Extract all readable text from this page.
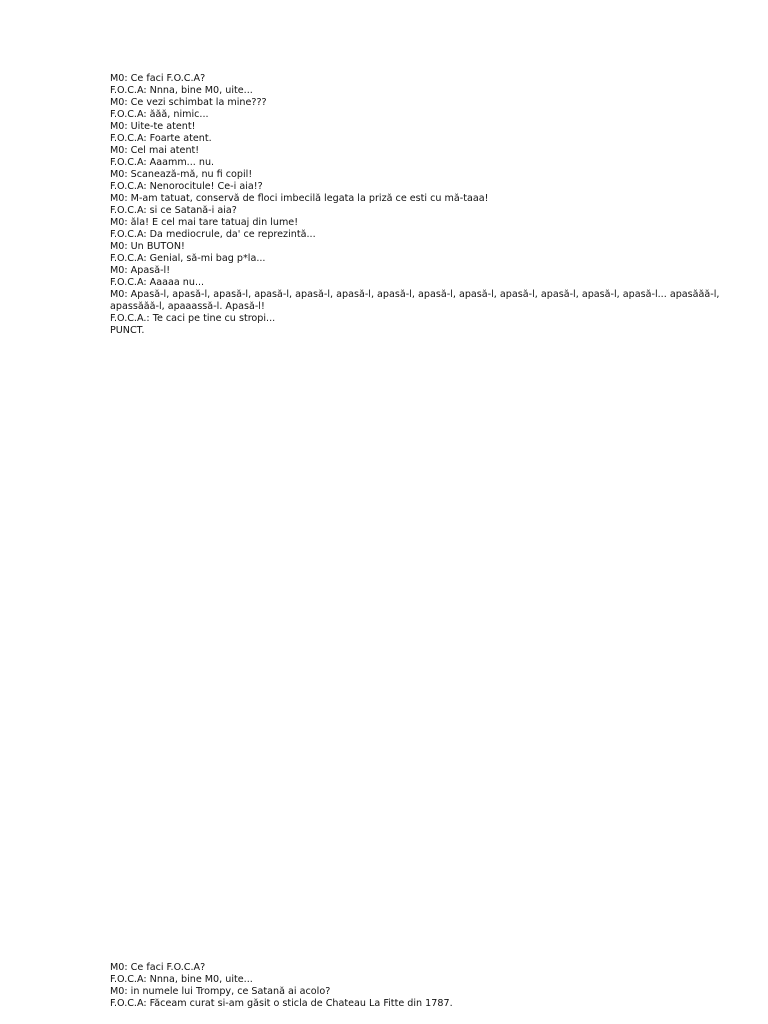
M0: Ce faci F.O.C.A?
F.O.C.A: Nnna, bine M0, uite...
M0: Ce vezi schimbat la mine???
F.O.C.A: ăăă, nimic...
M0: Uite-te atent!
F.O.C.A: Foarte atent.
M0: Cel mai atent!
F.O.C.A: Aaamm... nu.
M0: Scanează-mă, nu fi copil!
F.O.C.A: Nenorocitule! Ce-i aia!?
M0: M-am tatuat, conservă de floci imbecilă legata la priză ce esti cu mă-taaa!
F.O.C.A: si ce Satană-i aia?
M0: ăla! E cel mai tare tatuaj din lume!
F.O.C.A: Da mediocrule, da' ce reprezintă...
M0: Un BUTON!
F.O.C.A: Genial, să-mi bag p*la...
M0: Apasă-l!
F.O.C.A: Aaaaa nu...
M0: Apasă-l, apasă-l, apasă-l, apasă-l, apasă-l, apasă-l, apasă-l, apasă-l, apasă-l, apasă-l, apasă-l, apasă-l, apasă-l... apasăăă-l, apassăăă-l, apaaassă-l. Apasă-l!
F.O.C.A.: Te caci pe tine cu stropi...
PUNCT.
M0: Ce faci F.O.C.A?
F.O.C.A: Nnna, bine M0, uite...
M0: in numele lui Trompy, ce Satană ai acolo?
F.O.C.A: Făceam curat si-am găsit o sticla de Chateau La Fitte din 1787.
